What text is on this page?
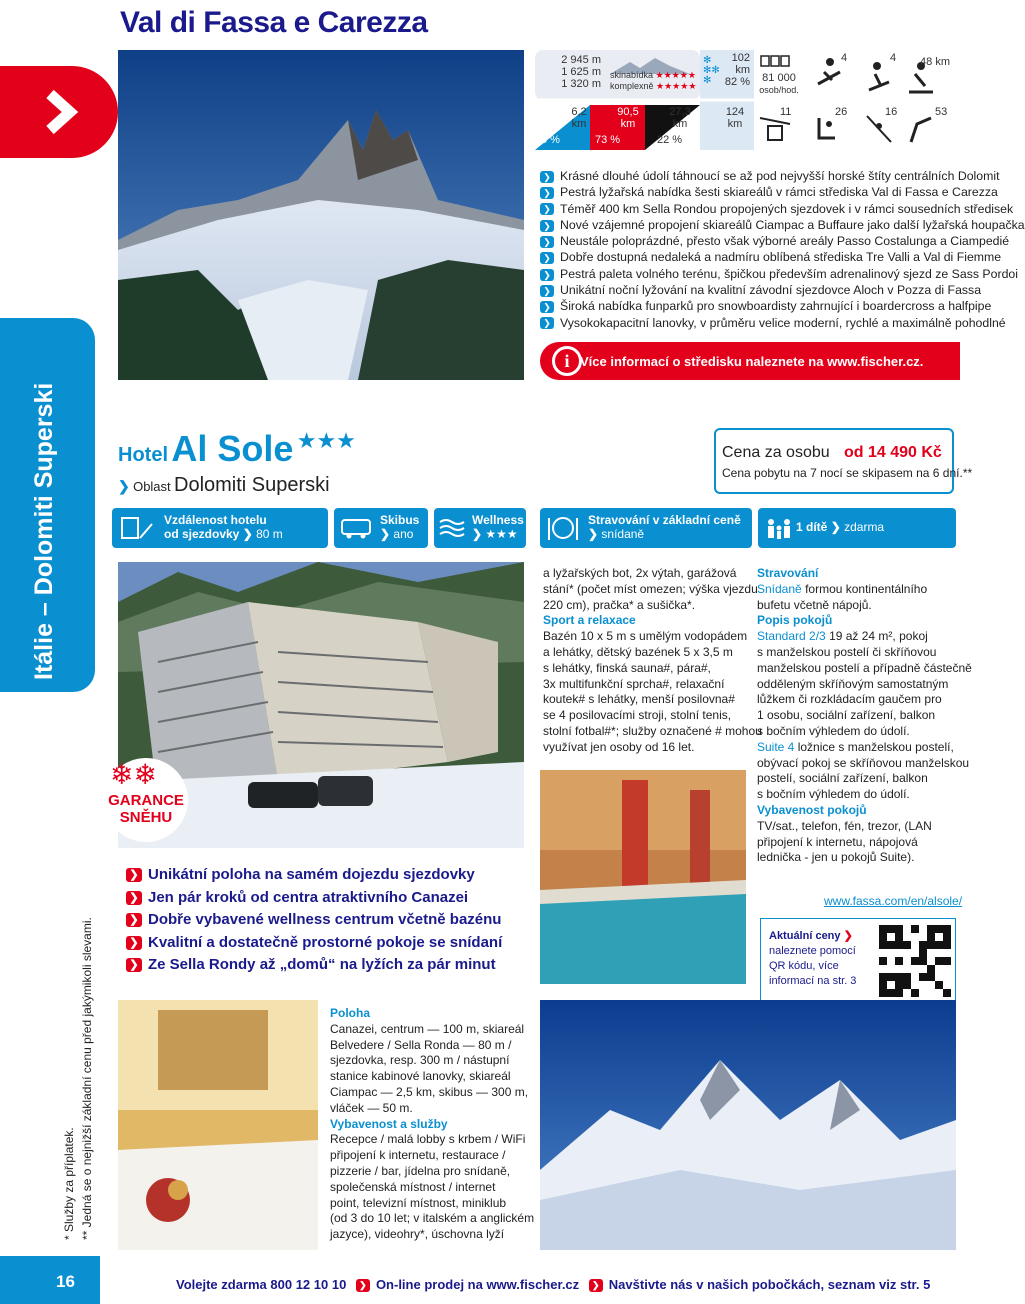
Itálie – Dolomiti Superski
* Služby za příplatek. ** Jedná se o nejnižší základní cenu před jakýmikoli slevami.
Val di Fassa e Carezza
2 945 m
1 625 m
1 320 m
skinabídka ★★★★★
komplexně ★★★★★
5 %
6,2
km
73 %
90,5
km
22 %
27,3
km
✻
✻✻
✻
102
km
82 %
124
km
81 000
osob/hod.
4	4 48 km
11	26	16	53
❯ Krásné dlouhé údolí táhnoucí se až pod nejvyšší horské štíty centrálních Dolomit
❯ Pestrá lyžařská nabídka šesti skiareálů v rámci střediska Val di Fassa e Carezza
❯ Téměř 400 km Sella Rondou propojených sjezdovek i v rámci sousedních středisek
❯ Nové vzájemné propojení skiareálů Ciampac a Buffaure jako další lyžařská houpačka
❯ Neustále poloprázdné, přesto však výborné areály Passo Costalunga a Ciampedié
❯ Dobře dostupná nedaleká a nadmíru oblíbená střediska Tre Valli a Val di Fiemme
❯ Pestrá paleta volného terénu, špičkou především adrenalinový sjezd ze Sass Pordoi
❯ Unikátní noční lyžování na kvalitní závodní sjezdovce Aloch v Pozza di Fassa
❯ Široká nabídka funparků pro snowboardisty zahrnující i boardercross a halfpipe
❯ Vysokokapacitní lanovky, v průměru velice moderní, rychlé a maximálně pohodlné
i Více informací o středisku naleznete na www.fischer.cz.
Hotel Al Sole ★★★
❯ Oblast Dolomiti Superski
Cena za osobu od 14 490 Kč
Cena pobytu na 7 nocí se skipasem na 6 dní.**
Vzdálenost hotelu
od sjezdovky ❯ 80 m
Skibus
❯ ano
Wellness
❯ ★★★
Stravování v základní ceně
❯ snídaně	1 dítě ❯ zdarma
❄❄
GARANCE
SNĚHU
❯ Unikátní poloha na samém dojezdu sjezdovky
❯ Jen pár kroků od centra atraktivního Canazei
❯ Dobře vybavené wellness centrum včetně bazénu
❯ Kvalitní a dostatečně prostorné pokoje se snídaní
❯ Ze Sella Rondy až „domů“ na lyžích za pár minut
Poloha
Canazei, centrum — 100 m, skiareál
Belvedere / Sella Ronda — 80 m /
sjezdovka, resp. 300 m / nástupní
stanice kabinové lanovky, skiareál
Ciampac — 2,5 km, skibus — 300 m,
vláček — 50 m.
Vybavenost a služby
Recepce / malá lobby s krbem / WiFi
připojení k internetu, restaurace /
pizzerie / bar, jídelna pro snídaně,
společenská místnost / internet
point, televizní místnost, miniklub
(od 3 do 10 let; v italském a anglickém
jazyce), videohry*, úschovna lyží
a lyžařských bot, 2x výtah, garážová
stání* (počet míst omezen; výška vjezdu
220 cm), pračka* a sušička*.
Sport a relaxace
Bazén 10 x 5 m s umělým vodopádem
a lehátky, dětský bazének 5 x 3,5 m
s lehátky, finská sauna#, pára#,
3x multifunkční sprcha#, relaxační
koutek# s lehátky, menší posilovna#
se 4 posilovacími stroji, stolní tenis,
stolní fotbal#*; služby označené # mohou
využívat jen osoby od 16 let.
Stravování
Snídaně formou kontinentálního
bufetu včetně nápojů.
Popis pokojů
Standard 2/3 19 až 24 m², pokoj
s manželskou postelí či skříňovou
manželskou postelí a případně částečně
odděleným skříňovým samostatným
lůžkem či rozkládacím gaučem pro
1 osobu, sociální zařízení, balkon
s bočním výhledem do údolí.
Suite 4 ložnice s manželskou postelí,
obývací pokoj se skříňovou manželskou
postelí, sociální zařízení, balkon
s bočním výhledem do údolí.
Vybavenost pokojů
TV/sat., telefon, fén, trezor, (LAN
připojení k internetu, nápojová
lednička - jen u pokojů Suite).
www.fassa.com/en/alsole/
Aktuální ceny ❯
naleznete pomocí
QR kódu, více
informací na str. 3
16	Volejte zdarma 800 12 10 10 ❯ On-line prodej na www.fischer.cz ❯ Navštivte nás v našich pobočkách, seznam viz str. 5
